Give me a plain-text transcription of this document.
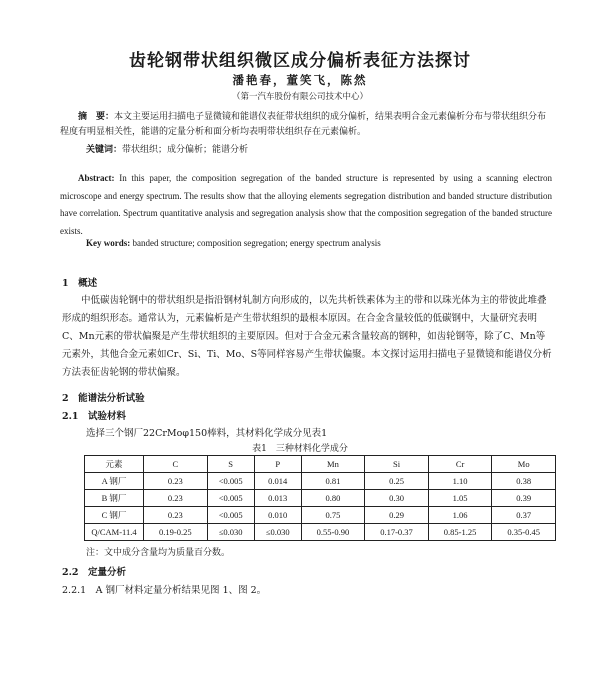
齿轮钢带状组织微区成分偏析表征方法探讨
潘艳春，董笑飞，陈然
（第一汽车股份有限公司技术中心）
摘　要：本文主要运用扫描电子显微镜和能谱仪表征带状组织的成分偏析，结果表明合金元素偏析分布与带状组织分布程度有明显相关性，能谱的定量分析和面分析均表明带状组织存在元素偏析。
关键词：带状组织；成分偏析；能谱分析
Abstract: In this paper, the composition segregation of the banded structure is represented by using a scanning electron microscope and energy spectrum. The results show that the alloying elements segregation distribution and banded structure distribution have correlation. Spectrum quantitative analysis and segregation analysis show that the composition segregation of the banded structure exists.
Key words: banded structure; composition segregation; energy spectrum analysis
1　概述
中低碳齿轮钢中的带状组织是指沿钢材轧制方向形成的，以先共析铁素体为主的带和以珠光体为主的带彼此堆叠形成的组织形态。通常认为，元素偏析是产生带状组织的最根本原因。在合金含量较低的低碳钢中，大量研究表明C、Mn元素的带状偏聚是产生带状组织的主要原因。但对于合金元素含量较高的钢种，如齿轮钢等，除了C、Mn等元素外，其他合金元素如Cr、Si、Ti、Mo、S等同样容易产生带状偏聚。本文探讨运用扫描电子显微镜和能谱仪分析方法表征齿轮钢的带状偏聚。
2　能谱法分析试验
2.1　试验材料
选择三个钢厂22CrMoφ150棒料，其材料化学成分见表1
表1　三种材料化学成分
元素	C	S	P	Mn	Si	Cr	Mo
A 钢厂	0.23	<0.005	0.014	0.81	0.25	1.10	0.38
B 钢厂	0.23	<0.005	0.013	0.80	0.30	1.05	0.39
C 钢厂	0.23	<0.005	0.010	0.75	0.29	1.06	0.37
Q/CAM-11.4	0.19-0.25	≤0.030	≤0.030	0.55-0.90	0.17-0.37	0.85-1.25	0.35-0.45
注：文中成分含量均为质量百分数。
2.2　定量分析
2.2.1　A 钢厂材料定量分析结果见图 1、图 2。
